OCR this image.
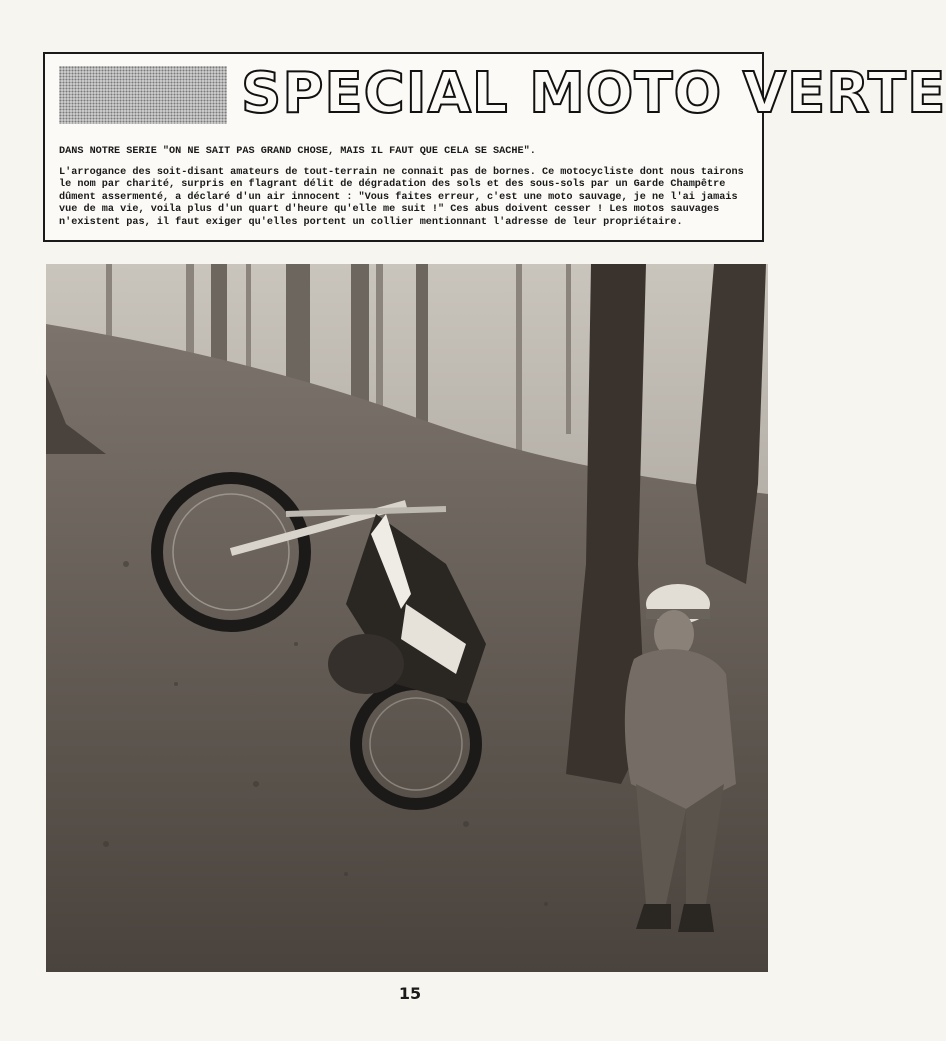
SPECIAL MOTO VERTE

DANS NOTRE SERIE "ON NE SAIT PAS GRAND CHOSE, MAIS IL FAUT QUE CELA SE SACHE".

L'arrogance des soit-disant amateurs de tout-terrain ne connait pas de bornes. Ce motocycliste dont nous tairons le nom par charité, surpris en flagrant délit de dégradation des sols et des sous-sols par un Garde Champêtre dûment assermenté, a déclaré d'un air innocent : "Vous faites erreur, c'est une moto sauvage, je ne l'ai jamais vue de ma vie, voila plus d'un quart d'heure qu'elle me suit !" Ces abus doivent cesser ! Les motos sauvages n'existent pas, il faut exiger qu'elles portent un collier mentionnant l'adresse de leur propriétaire.

15
